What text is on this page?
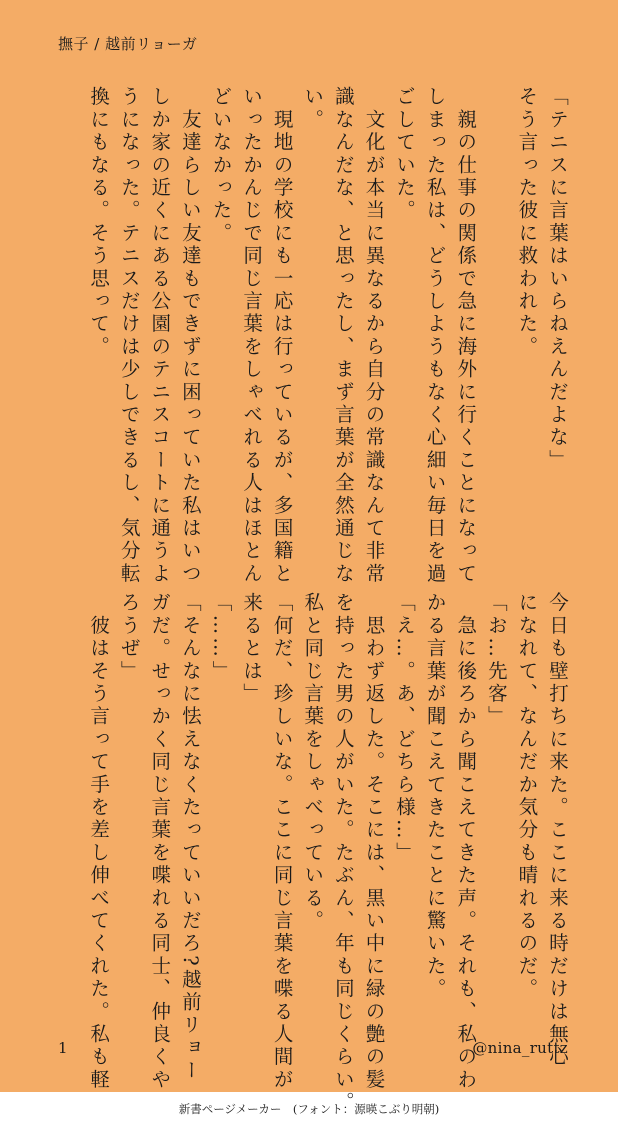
撫子 / 越前リョーガ
「テニスに言葉はいらねえんだよな」
そう言った彼に救われた。

　親の仕事の関係で急に海外に行くことになって
しまった私は、どうしようもなく心細い毎日を過
ごしていた。
　文化が本当に異なるから自分の常識なんて非常
識なんだな、と思ったし、まず言葉が全然通じな
い。
　現地の学校にも一応は行っているが、多国籍と
いったかんじで同じ言葉をしゃべれる人はほとん
どいなかった。
　友達らしい友達もできずに困っていた私はいつ
しか家の近くにある公園のテニスコートに通うよ
うになった。テニスだけは少しできるし、気分転
換にもなる。そう思って。
今日も壁打ちに来た。ここに来る時だけは無心
になれて、なんだか気分も晴れるのだ。
「お…先客」
　急に後ろから聞こえてきた声。それも、私のわ
かる言葉が聞こえてきたことに驚いた。
「え…。あ、どちら様…」
　思わず返した。そこには、黒い中に緑の艶の髪
を持った男の人がいた。たぶん、年も同じくらい。
私と同じ言葉をしゃべっている。
「何だ、珍しいな。ここに同じ言葉を喋る人間が
来るとは」
「……」
「そんなに怯えなくたっていいだろ?越前リョー
ガだ。せっかく同じ言葉を喋れる同士、仲良くや
ろうぜ」
　彼はそう言って手を差し伸べてくれた。私も軽
1	@nina_ruttz
新書ページメーカー　(フォント：源暎こぶり明朝)
